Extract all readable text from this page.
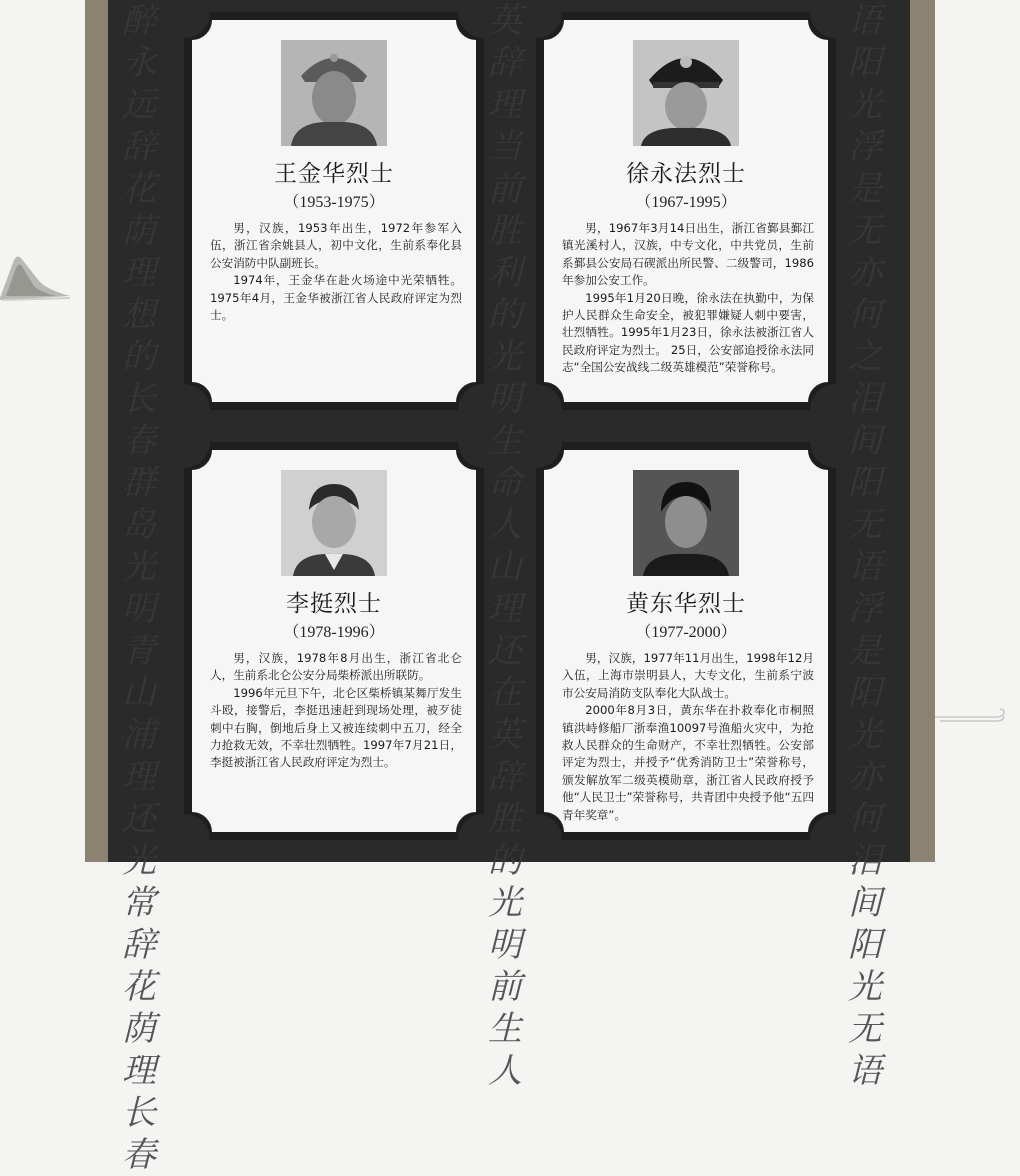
醉永远辞花荫理想的长春群岛光明青山浦理还光常辞花荫理长春
英辞理当前胜利的光明生命人山理还在英辞胜的光明前生人
语阳光浮是无亦何之泪间阳无语浮是阳光亦何泪间阳光无语
王金华烈士
（1953-1975）

男，汉族，1953年出生，1972年参军入伍，浙江省余姚县人，初中文化，生前系奉化县公安消防中队副班长。

1974年，王金华在赴火场途中光荣牺牲。1975年4月，王金华被浙江省人民政府评定为烈士。

徐永法烈士
（1967-1995）

男，1967年3月14日出生，浙江省鄞县鄞江镇光溪村人，汉族，中专文化，中共党员，生前系鄞县公安局石碶派出所民警、二级警司，1986年参加公安工作。

1995年1月20日晚，徐永法在执勤中，为保护人民群众生命安全，被犯罪嫌疑人刺中要害，壮烈牺牲。1995年1月23日，徐永法被浙江省人民政府评定为烈士。 25日，公安部追授徐永法同志“全国公安战线二级英雄模范”荣誉称号。

李挺烈士
（1978-1996）

男，汉族，1978年8月出生，浙江省北仑人，生前系北仑公安分局柴桥派出所联防。

1996年元旦下午，北仑区柴桥镇某舞厅发生斗殴，接警后，李挺迅速赶到现场处理，被歹徒刺中右胸，倒地后身上又被连续刺中五刀，经全力抢救无效，不幸壮烈牺牲。1997年7月21日，李挺被浙江省人民政府评定为烈士。

黄东华烈士
（1977-2000）

男，汉族，1977年11月出生，1998年12月入伍，上海市崇明县人，大专文化，生前系宁波市公安局消防支队奉化大队战士。

2000年8月3日，黄东华在扑救奉化市桐照镇洪峙修船厂浙奉渔10097号渔船火灾中，为抢救人民群众的生命财产，不幸壮烈牺牲。公安部评定为烈士，并授予“优秀消防卫士”荣誉称号，颁发解放军二级英模勋章，浙江省人民政府授予他“人民卫士”荣誉称号，共青团中央授予他“五四青年奖章”。
